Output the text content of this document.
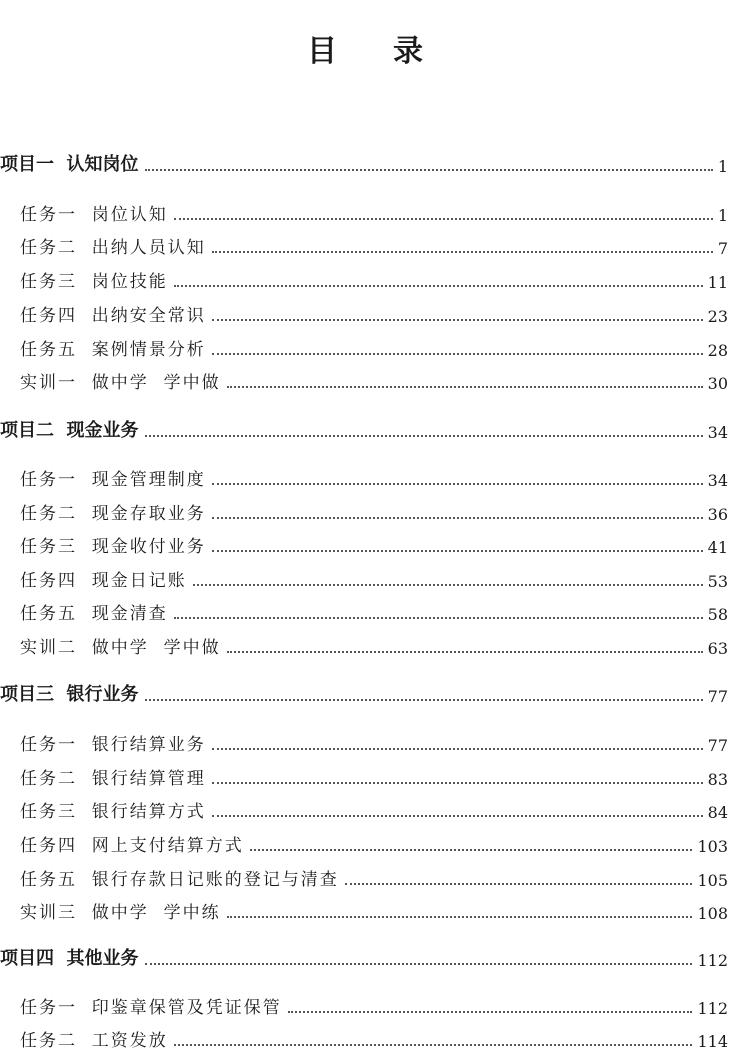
目 录
项目一  认知岗位	1
任务一  岗位认知	1
任务二  出纳人员认知	7
任务三  岗位技能	11
任务四  出纳安全常识	23
任务五  案例情景分析	28
实训一  做中学  学中做	30
项目二  现金业务	34
任务一  现金管理制度	34
任务二  现金存取业务	36
任务三  现金收付业务	41
任务四  现金日记账	53
任务五  现金清查	58
实训二  做中学  学中做	63
项目三  银行业务	77
任务一  银行结算业务	77
任务二  银行结算管理	83
任务三  银行结算方式	84
任务四  网上支付结算方式	103
任务五  银行存款日记账的登记与清查	105
实训三  做中学  学中练	108
项目四  其他业务	112
任务一  印鉴章保管及凭证保管	112
任务二  工资发放	114
